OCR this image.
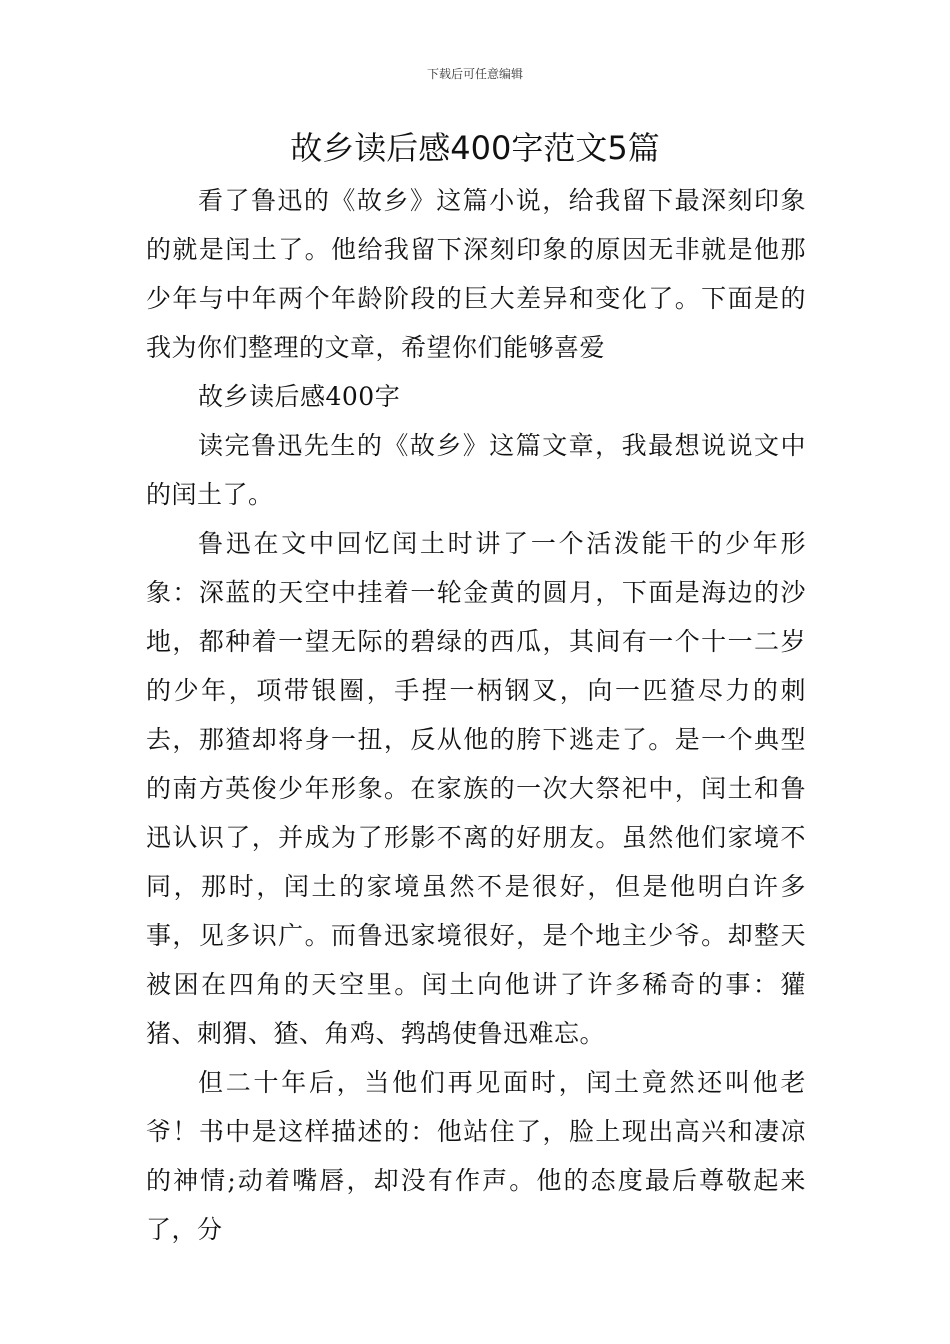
下载后可任意编辑
故乡读后感400字范文5篇

看了鲁迅的《故乡》这篇小说，给我留下最深刻印象的就是闰土了。他给我留下深刻印象的原因无非就是他那少年与中年两个年龄阶段的巨大差异和变化了。下面是的我为你们整理的文章，希望你们能够喜爱

故乡读后感400字

读完鲁迅先生的《故乡》这篇文章，我最想说说文中的闰土了。

鲁迅在文中回忆闰土时讲了一个活泼能干的少年形象：深蓝的天空中挂着一轮金黄的圆月，下面是海边的沙地，都种着一望无际的碧绿的西瓜，其间有一个十一二岁的少年，项带银圈，手捏一柄钢叉，向一匹猹尽力的刺去，那猹却将身一扭，反从他的胯下逃走了。是一个典型的南方英俊少年形象。在家族的一次大祭祀中，闰土和鲁迅认识了，并成为了形影不离的好朋友。虽然他们家境不同，那时，闰土的家境虽然不是很好，但是他明白许多事，见多识广。而鲁迅家境很好，是个地主少爷。却整天被困在四角的天空里。闰土向他讲了许多稀奇的事：獾猪、刺猬、猹、角鸡、鹁鸪使鲁迅难忘。

但二十年后，当他们再见面时，闰土竟然还叫他老爷！书中是这样描述的：他站住了，脸上现出高兴和凄凉的神情;动着嘴唇，却没有作声。他的态度最后尊敬起来了，分
